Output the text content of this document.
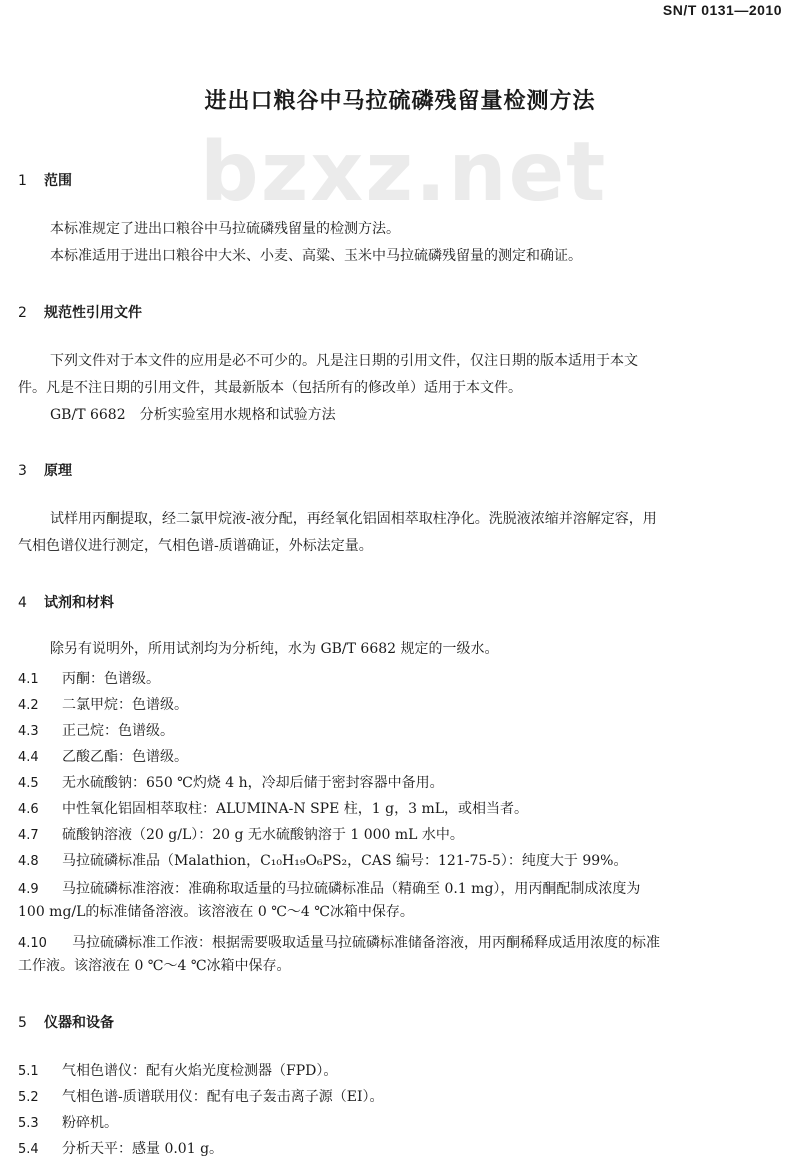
SN/T 0131—2010
进出口粮谷中马拉硫磷残留量检测方法
bzxz.net
1 范围
本标准规定了进出口粮谷中马拉硫磷残留量的检测方法。
本标准适用于进出口粮谷中大米、小麦、高粱、玉米中马拉硫磷残留量的测定和确证。
2 规范性引用文件
下列文件对于本文件的应用是必不可少的。凡是注日期的引用文件，仅注日期的版本适用于本文
件。凡是不注日期的引用文件，其最新版本（包括所有的修改单）适用于本文件。
GB/T 6682　分析实验室用水规格和试验方法
3 原理
试样用丙酮提取，经二氯甲烷液-液分配，再经氧化铝固相萃取柱净化。洗脱液浓缩并溶解定容，用
气相色谱仪进行测定，气相色谱-质谱确证，外标法定量。
4 试剂和材料
除另有说明外，所用试剂均为分析纯，水为 GB/T 6682 规定的一级水。
4.1 丙酮：色谱级。
4.2 二氯甲烷：色谱级。
4.3 正己烷：色谱级。
4.4 乙酸乙酯：色谱级。
4.5 无水硫酸钠：650 ℃灼烧 4 h，冷却后储于密封容器中备用。
4.6 中性氧化铝固相萃取柱：ALUMINA-N SPE 柱，1 g，3 mL，或相当者。
4.7 硫酸钠溶液（20 g/L）：20 g 无水硫酸钠溶于 1 000 mL 水中。
4.8 马拉硫磷标准品（Malathion，C₁₀H₁₉O₆PS₂，CAS 编号：121-75-5）：纯度大于 99%。
4.9 马拉硫磷标准溶液：准确称取适量的马拉硫磷标准品（精确至 0.1 mg），用丙酮配制成浓度为
100 mg/L的标准储备溶液。该溶液在 0 ℃～4 ℃冰箱中保存。
4.10 马拉硫磷标准工作液：根据需要吸取适量马拉硫磷标准储备溶液，用丙酮稀释成适用浓度的标准
工作液。该溶液在 0 ℃～4 ℃冰箱中保存。
5 仪器和设备
5.1 气相色谱仪：配有火焰光度检测器（FPD）。
5.2 气相色谱-质谱联用仪：配有电子轰击离子源（EI）。
5.3 粉碎机。
5.4 分析天平：感量 0.01 g。
